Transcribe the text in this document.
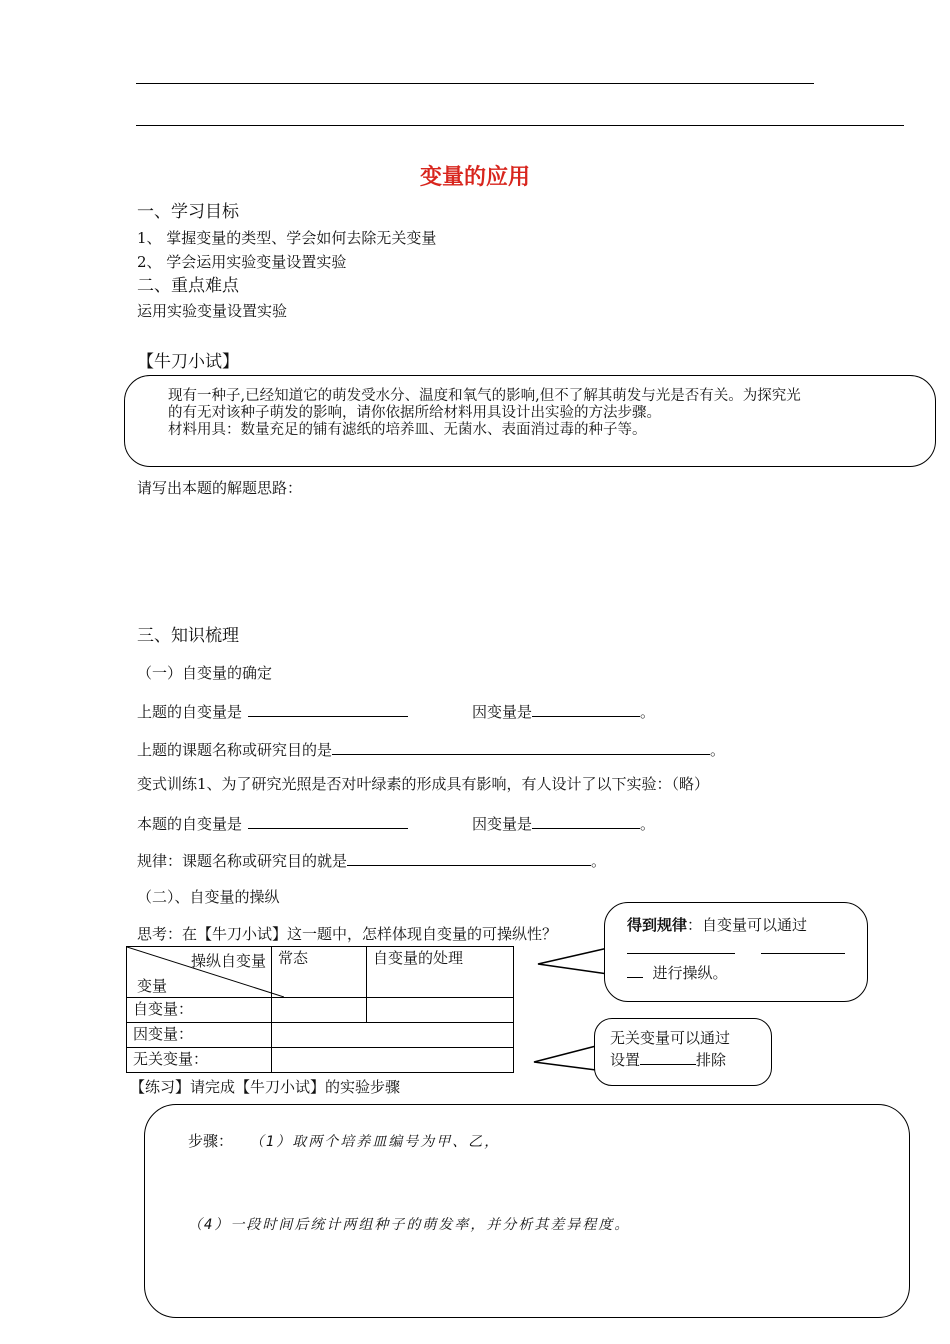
变量的应用
一、学习目标
1、 掌握变量的类型、学会如何去除无关变量
2、 学会运用实验变量设置实验
二、重点难点
运用实验变量设置实验
【牛刀小试】
现有一种子,已经知道它的萌发受水分、温度和氧气的影响,但不了解其萌发与光是否有关。为探究光
的有无对该种子萌发的影响，请你依据所给材料用具设计出实验的方法步骤。
材料用具：数量充足的铺有滤纸的培养皿、无菌水、表面消过毒的种子等。
请写出本题的解题思路：
三、知识梳理
（一）自变量的确定
上题的自变量是	因变量是	。
上题的课题名称或研究目的是	。
变式训练1、为了研究光照是否对叶绿素的形成具有影响，有人设计了以下实验：（略）
本题的自变量是	因变量是	。
规律：课题名称或研究目的就是	。
（二）、自变量的操纵
思考：在【牛刀小试】这一题中，怎样体现自变量的可操纵性？
操纵自变量
变量	常态	自变量的处理
自变量：		
因变量：		
无关变量：		
得到规律：自变量可以通过

进行操纵。
无关变量可以通过
设置	排除
【练习】请完成【牛刀小试】的实验步骤
步骤： （1）取两个培养皿编号为甲、乙，
（4）一段时间后统计两组种子的萌发率，并分析其差异程度。
